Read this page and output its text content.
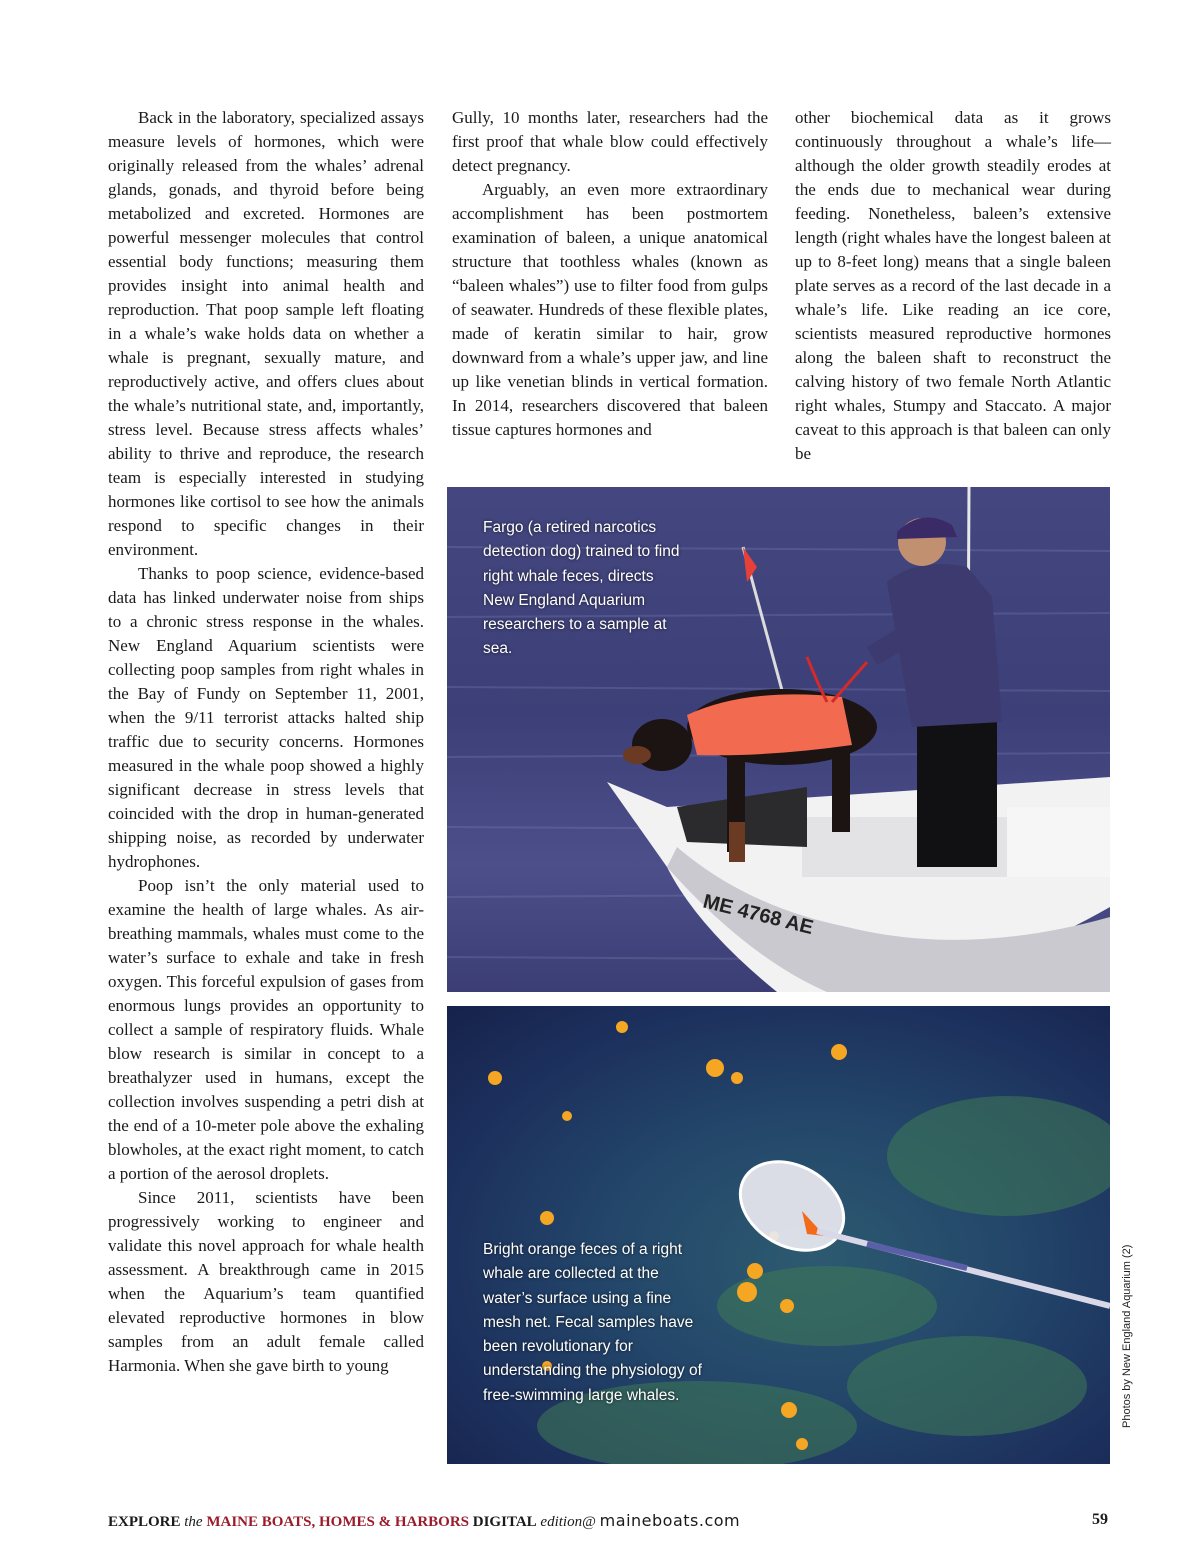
Back in the laboratory, specialized assays measure levels of hormones, which were originally released from the whales’ adrenal glands, gonads, and thyroid before being metabolized and excreted. Hormones are powerful messenger molecules that control essential body functions; measuring them provides insight into animal health and reproduction. That poop sample left floating in a whale’s wake holds data on whether a whale is pregnant, sexually mature, and reproductively active, and offers clues about the whale’s nutritional state, and, importantly, stress level. Because stress affects whales’ ability to thrive and reproduce, the research team is especially interested in studying hormones like cortisol to see how the animals respond to specific changes in their environment.

Thanks to poop science, evidence-based data has linked underwater noise from ships to a chronic stress response in the whales. New England Aquarium scientists were collecting poop samples from right whales in the Bay of Fundy on September 11, 2001, when the 9/11 terrorist attacks halted ship traffic due to security concerns. Hormones measured in the whale poop showed a highly significant decrease in stress levels that coincided with the drop in human-generated shipping noise, as recorded by underwater hydrophones.

Poop isn’t the only material used to examine the health of large whales. As air-breathing mammals, whales must come to the water’s surface to exhale and take in fresh oxygen. This forceful expulsion of gases from enormous lungs provides an opportunity to collect a sample of respiratory fluids. Whale blow research is similar in concept to a breathalyzer used in humans, except the collection involves suspending a petri dish at the end of a 10-meter pole above the exhaling blowholes, at the exact right moment, to catch a portion of the aerosol droplets.

Since 2011, scientists have been progressively working to engineer and validate this novel approach for whale health assessment. A breakthrough came in 2015 when the Aquarium’s team quantified elevated reproductive hormones in blow samples from an adult female called Harmonia. When she gave birth to young

Gully, 10 months later, researchers had the first proof that whale blow could effectively detect pregnancy.

Arguably, an even more extraordinary accomplishment has been postmortem examination of baleen, a unique anatomical structure that toothless whales (known as “baleen whales”) use to filter food from gulps of seawater. Hundreds of these flexible plates, made of keratin similar to hair, grow downward from a whale’s upper jaw, and line up like venetian blinds in vertical formation. In 2014, researchers discovered that baleen tissue captures hormones and

other biochemical data as it grows continuously throughout a whale’s life—although the older growth steadily erodes at the ends due to mechanical wear during feeding. Nonetheless, baleen’s extensive length (right whales have the longest baleen at up to 8-feet long) means that a single baleen plate serves as a record of the last decade in a whale’s life. Like reading an ice core, scientists measured reproductive hormones along the baleen shaft to reconstruct the calving history of two female North Atlantic right whales, Stumpy and Staccato. A major caveat to this approach is that baleen can only be

ME 4768 AE
Fargo (a retired narcotics detection dog) trained to find right whale feces, directs New England Aquarium researchers to a sample at sea.
Bright orange feces of a right whale are collected at the water’s surface using a fine mesh net. Fecal samples have been revolutionary for understanding the physiology of free-swimming large whales.	Photos by New England Aquarium (2)
EXPLORE the MAINE BOATS, HOMES & HARBORS DIGITAL edition@ maineboats.com	59
